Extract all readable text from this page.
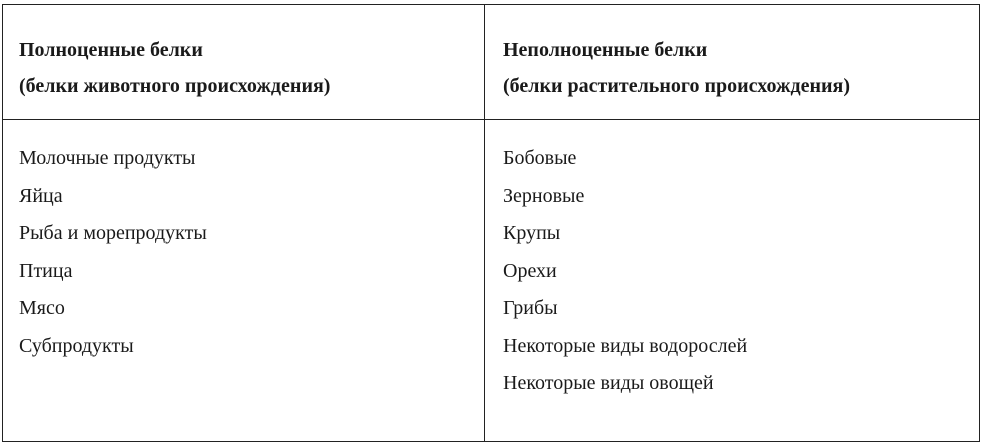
Полноценные белки
(белки животного происхождения)
Неполноценные белки
(белки растительного происхождения)
Молочные продукты
Яйца
Рыба и морепродукты
Птица
Мясо
Субпродукты
Бобовые
Зерновые
Крупы
Орехи
Грибы
Некоторые виды водорослей
Некоторые виды овощей
